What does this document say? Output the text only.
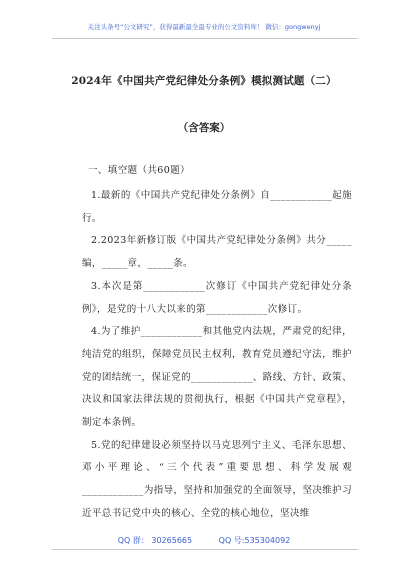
关注头条号“公文研究”，获得最新最全最专业的公文资料库！ 微信：gongwenyj
2024年《中国共产党纪律处分条例》模拟测试题（二）
（含答案）
一、填空题（共60题）

1.最新的《中国共产党纪律处分条例》自____________起施行。

2.2023年新修订版《中国共产党纪律处分条例》共分_____编，_____章，_____条。

3.本次是第____________次修订《中国共产党纪律处分条例》，是党的十八大以来的第____________次修订。

4.为了维护____________和其他党内法规，严肃党的纪律，纯洁党的组织，保障党员民主权利，教育党员遵纪守法，维护党的团结统一，保证党的____________、路线、方针、政策、决议和国家法律法规的贯彻执行，根据《中国共产党章程》，制定本条例。

5.党的纪律建设必须坚持以马克思列宁主义、毛泽东思想、邓小平理论、“三个代表”重要思想、科学发展观____________为指导，坚持和加强党的全面领导，坚决维护习近平总书记党中央的核心、全党的核心地位，坚决维

QQ 群： 30265665	QQ 号:535304092
